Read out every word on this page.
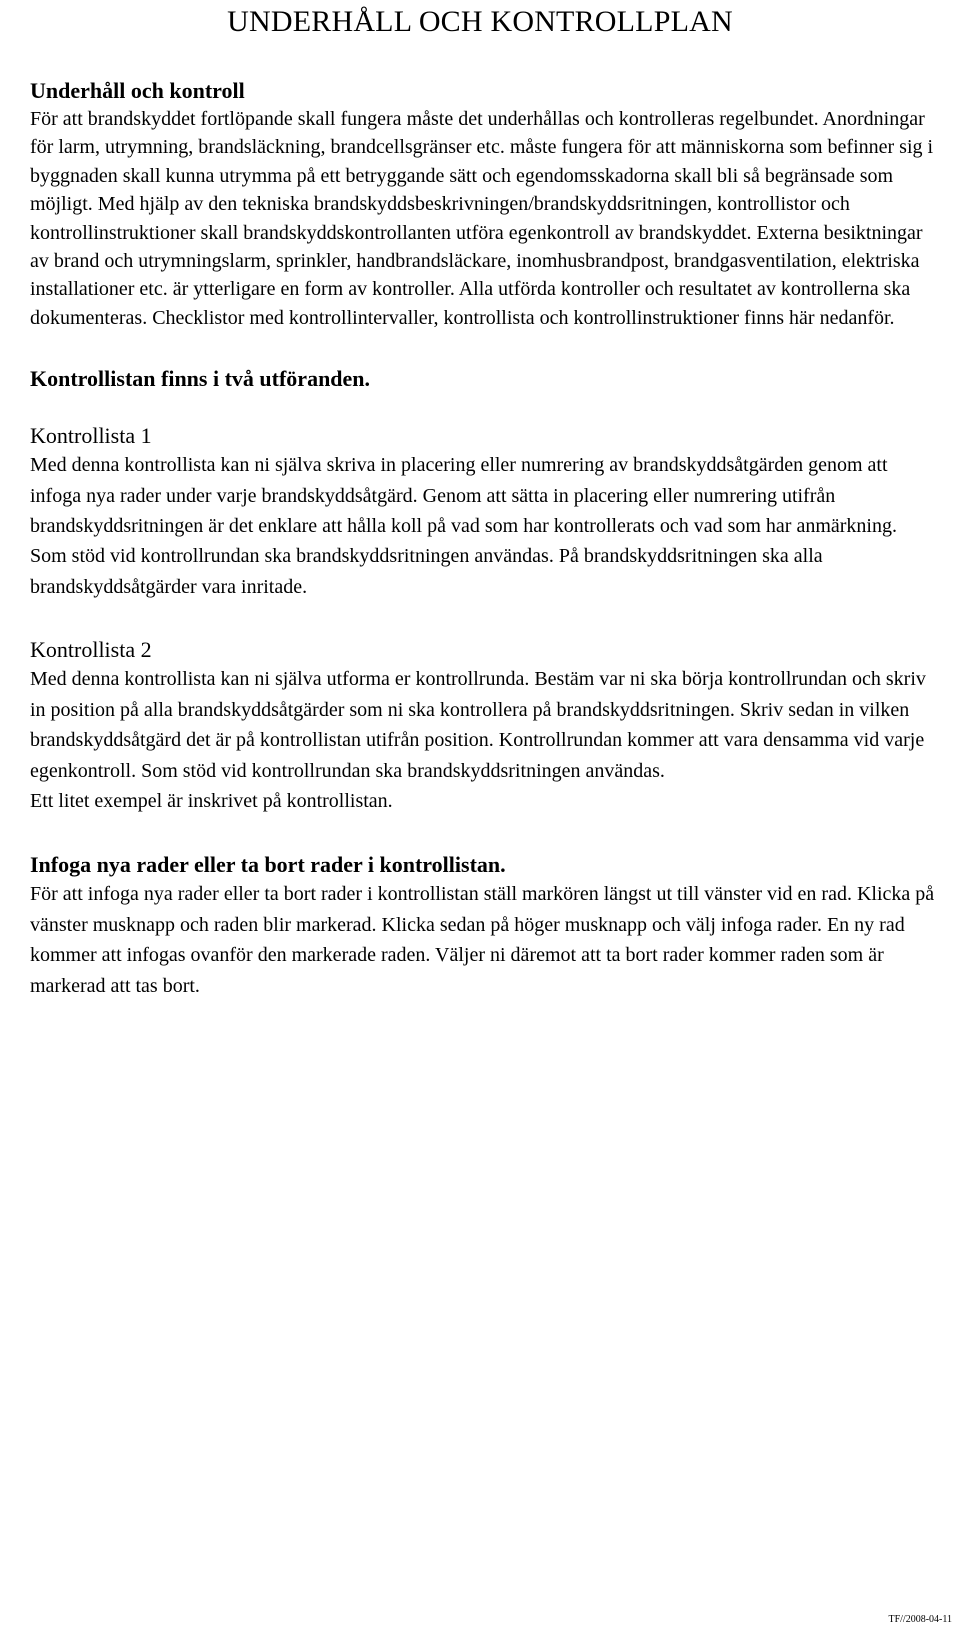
UNDERHÅLL OCH KONTROLLPLAN
Underhåll och kontroll

För att brandskyddet fortlöpande skall fungera måste det underhållas och kontrolleras regelbundet. Anordningar för larm, utrymning, brandsläckning, brandcellsgränser etc. måste fungera för att människorna som befinner sig i byggnaden skall kunna utrymma på ett betryggande sätt och egendomsskadorna skall bli så begränsade som möjligt. Med hjälp av den tekniska brandskyddsbeskrivningen/brandskyddsritningen, kontrollistor och kontrollinstruktioner skall brandskyddskontrollanten utföra egenkontroll av brandskyddet. Externa besiktningar av brand och utrymningslarm, sprinkler, handbrandsläckare, inomhusbrandpost, brandgasventilation, elektriska installationer etc. är ytterligare en form av kontroller. Alla utförda kontroller och resultatet av kontrollerna ska dokumenteras. Checklistor med kontrollintervaller, kontrollista och kontrollinstruktioner finns här nedanför.

Kontrollistan finns i två utföranden.
Kontrollista 1

Med denna kontrollista kan ni själva skriva in placering eller numrering av brandskyddsåtgärden genom att infoga nya rader under varje brandskyddsåtgärd. Genom att sätta in placering eller numrering utifrån brandskyddsritningen är det enklare att hålla koll på vad som har kontrollerats och vad som har anmärkning. Som stöd vid kontrollrundan ska brandskyddsritningen användas. På brandskyddsritningen ska alla brandskyddsåtgärder vara inritade.

Kontrollista 2

Med denna kontrollista kan ni själva utforma er kontrollrunda. Bestäm var ni ska börja kontrollrundan och skriv in position på alla brandskyddsåtgärder som ni ska kontrollera på brandskyddsritningen. Skriv sedan in vilken brandskyddsåtgärd det är på kontrollistan utifrån position. Kontrollrundan kommer att vara densamma vid varje egenkontroll. Som stöd vid kontrollrundan ska brandskyddsritningen användas.

Ett litet exempel är inskrivet på kontrollistan.

Infoga nya rader eller ta bort rader i kontrollistan.

För att infoga nya rader eller ta bort rader i kontrollistan ställ markören längst ut till vänster vid en rad. Klicka på vänster musknapp och raden blir markerad. Klicka sedan på höger musknapp och välj infoga rader. En ny rad kommer att infogas ovanför den markerade raden. Väljer ni däremot att ta bort rader kommer raden som är markerad att tas bort.

TF//2008-04-11
